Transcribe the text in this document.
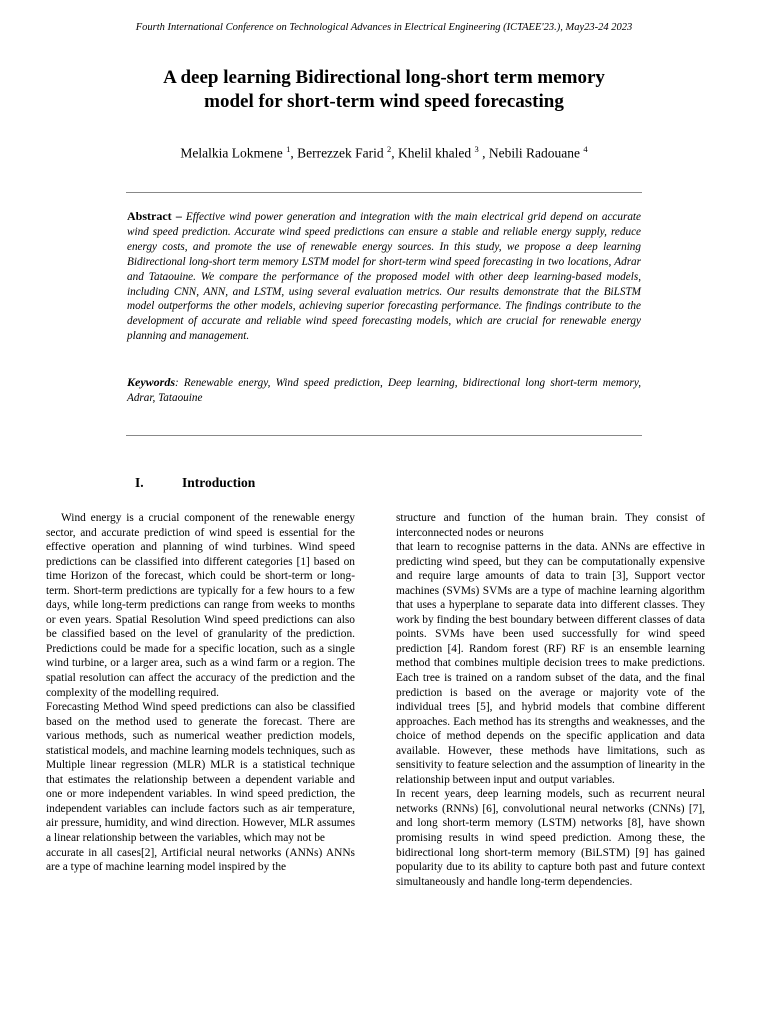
Fourth International Conference on Technological Advances in Electrical Engineering (ICTAEE'23.), May23-24 2023
A deep learning Bidirectional long-short term memory
model for short-term wind speed forecasting
Melalkia Lokmene $^1$, Berrezzek Farid $^2$, Khelil khaled $^3$ , Nebili Radouane $^4$
Abstract – Effective wind power generation and integration with the main electrical grid depend on accurate wind speed prediction. Accurate wind speed predictions can ensure a stable and reliable energy supply, reduce energy costs, and promote the use of renewable energy sources. In this study, we propose a deep learning Bidirectional long-short term memory LSTM model for short-term wind speed forecasting in two locations, Adrar and Tataouine. We compare the performance of the proposed model with other deep learning-based models, including CNN, ANN, and LSTM, using several evaluation metrics. Our results demonstrate that the BiLSTM model outperforms the other models, achieving superior forecasting performance. The findings contribute to the development of accurate and reliable wind speed forecasting models, which are crucial for renewable energy planning and management.
Keywords: Renewable energy, Wind speed prediction, Deep learning, bidirectional long short-term memory, Adrar, Tataouine
I.	Introduction

Wind energy is a crucial component of the renewable energy sector, and accurate prediction of wind speed is essential for the effective operation and planning of wind turbines. Wind speed predictions can be classified into different categories [1] based on time Horizon of the forecast, which could be short-term or long-term. Short-term predictions are typically for a few hours to a few days, while long-term predictions can range from weeks to months or even years. Spatial Resolution Wind speed predictions can also be classified based on the level of granularity of the prediction. Predictions could be made for a specific location, such as a single wind turbine, or a larger area, such as a wind farm or a region. The spatial resolution can affect the accuracy of the prediction and the complexity of the modelling required.

Forecasting Method Wind speed predictions can also be classified based on the method used to generate the forecast. There are various methods, such as numerical weather prediction models, statistical models, and machine learning models techniques, such as Multiple linear regression (MLR) MLR is a statistical technique that estimates the relationship between a dependent variable and one or more independent variables. In wind speed prediction, the independent variables can include factors such as air temperature, air pressure, humidity, and wind direction. However, MLR assumes a linear relationship between the variables, which may not be

accurate in all cases[2], Artificial neural networks (ANNs) ANNs are a type of machine learning model inspired by the

structure and function of the human brain. They consist of interconnected nodes or neurons

that learn to recognise patterns in the data. ANNs are effective in predicting wind speed, but they can be computationally expensive and require large amounts of data to train [3], Support vector machines (SVMs) SVMs are a type of machine learning algorithm that uses a hyperplane to separate data into different classes. They work by finding the best boundary between different classes of data points. SVMs have been used successfully for wind speed prediction [4]. Random forest (RF) RF is an ensemble learning method that combines multiple decision trees to make predictions. Each tree is trained on a random subset of the data, and the final prediction is based on the average or majority vote of the individual trees [5], and hybrid models that combine different approaches. Each method has its strengths and weaknesses, and the choice of method depends on the specific application and data available. However, these methods have limitations, such as sensitivity to feature selection and the assumption of linearity in the relationship between input and output variables.

In recent years, deep learning models, such as recurrent neural networks (RNNs) [6], convolutional neural networks (CNNs) [7], and long short-term memory (LSTM) networks [8], have shown promising results in wind speed prediction. Among these, the bidirectional long short-term memory (BiLSTM) [9] has gained popularity due to its ability to capture both past and future context simultaneously and handle long-term dependencies.
